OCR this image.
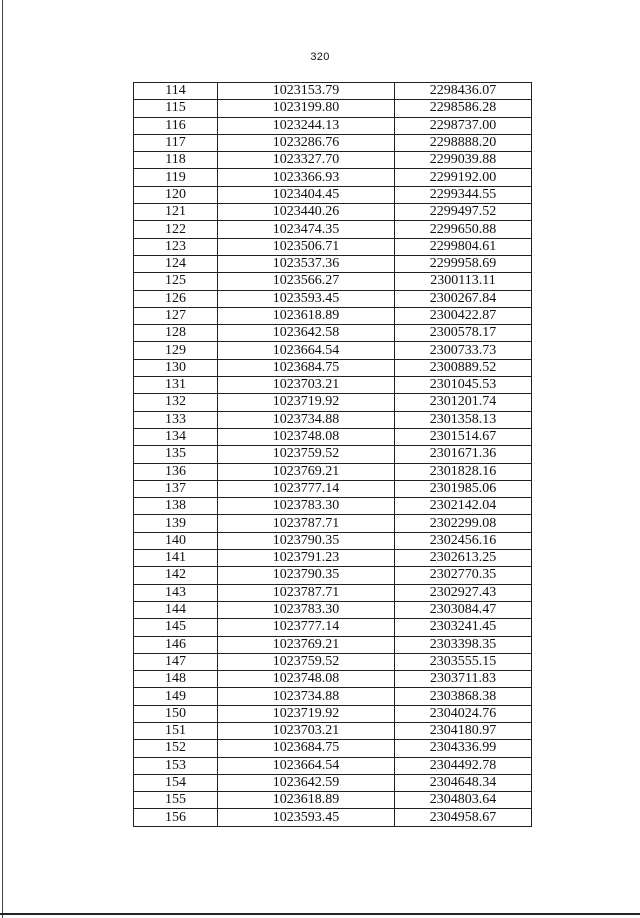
320
114	1023153.79	2298436.07
115	1023199.80	2298586.28
116	1023244.13	2298737.00
117	1023286.76	2298888.20
118	1023327.70	2299039.88
119	1023366.93	2299192.00
120	1023404.45	2299344.55
121	1023440.26	2299497.52
122	1023474.35	2299650.88
123	1023506.71	2299804.61
124	1023537.36	2299958.69
125	1023566.27	2300113.11
126	1023593.45	2300267.84
127	1023618.89	2300422.87
128	1023642.58	2300578.17
129	1023664.54	2300733.73
130	1023684.75	2300889.52
131	1023703.21	2301045.53
132	1023719.92	2301201.74
133	1023734.88	2301358.13
134	1023748.08	2301514.67
135	1023759.52	2301671.36
136	1023769.21	2301828.16
137	1023777.14	2301985.06
138	1023783.30	2302142.04
139	1023787.71	2302299.08
140	1023790.35	2302456.16
141	1023791.23	2302613.25
142	1023790.35	2302770.35
143	1023787.71	2302927.43
144	1023783.30	2303084.47
145	1023777.14	2303241.45
146	1023769.21	2303398.35
147	1023759.52	2303555.15
148	1023748.08	2303711.83
149	1023734.88	2303868.38
150	1023719.92	2304024.76
151	1023703.21	2304180.97
152	1023684.75	2304336.99
153	1023664.54	2304492.78
154	1023642.59	2304648.34
155	1023618.89	2304803.64
156	1023593.45	2304958.67
